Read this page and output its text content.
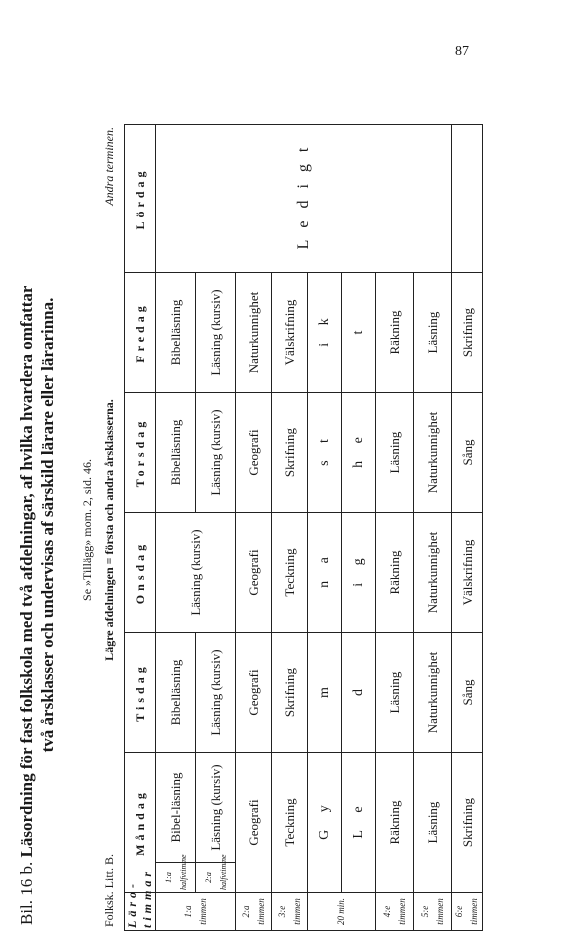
87
Bil. 16 b. Läsordning för fast folkskola med två afdelningar, af hvilka hvardera omfattar två årsklasser och undervisas af särskild lärare eller lärarinna. Se »Tillägg» mom. 2, sid. 46.
Folksk. Litt. B.
Lägre afdelningen = första och andra årsklasserna.
Andra terminen.
Läro-timmar	Måndag		Tisdag	Onsdag	Torsdag	Fredag	Lördag
1:a timmen	1:a halfvtimme	Bibel-läsning	Bibelläsning	Läsning (kursiv)	Bibelläsning	Bibelläsning	L   e   d   i   g   t
	2:a halfvtimme	Läsning (kursiv)	Läsning (kursiv)		Läsning (kursiv)	Läsning (kursiv)	
2:a timmen	Geografi		Geografi	Geografi	Geografi	Naturkunnighet	
3:e timmen	Teckning		Skrifning	Teckning	Skrifning	Välskrifning	
20 min.	G     y		m	n     a	s     t	i     k	
	L     e		d	i     g	h     e	t	
4:e timmen	Räkning		Läsning	Räkning	Läsning	Räkning	
5:e timmen	Läsning		Naturkunnighet	Naturkunnighet	Naturkunnighet	Läsning	
6:e timmen	Skrifning		Sång	Välskrifning	Sång	Skrifning	
